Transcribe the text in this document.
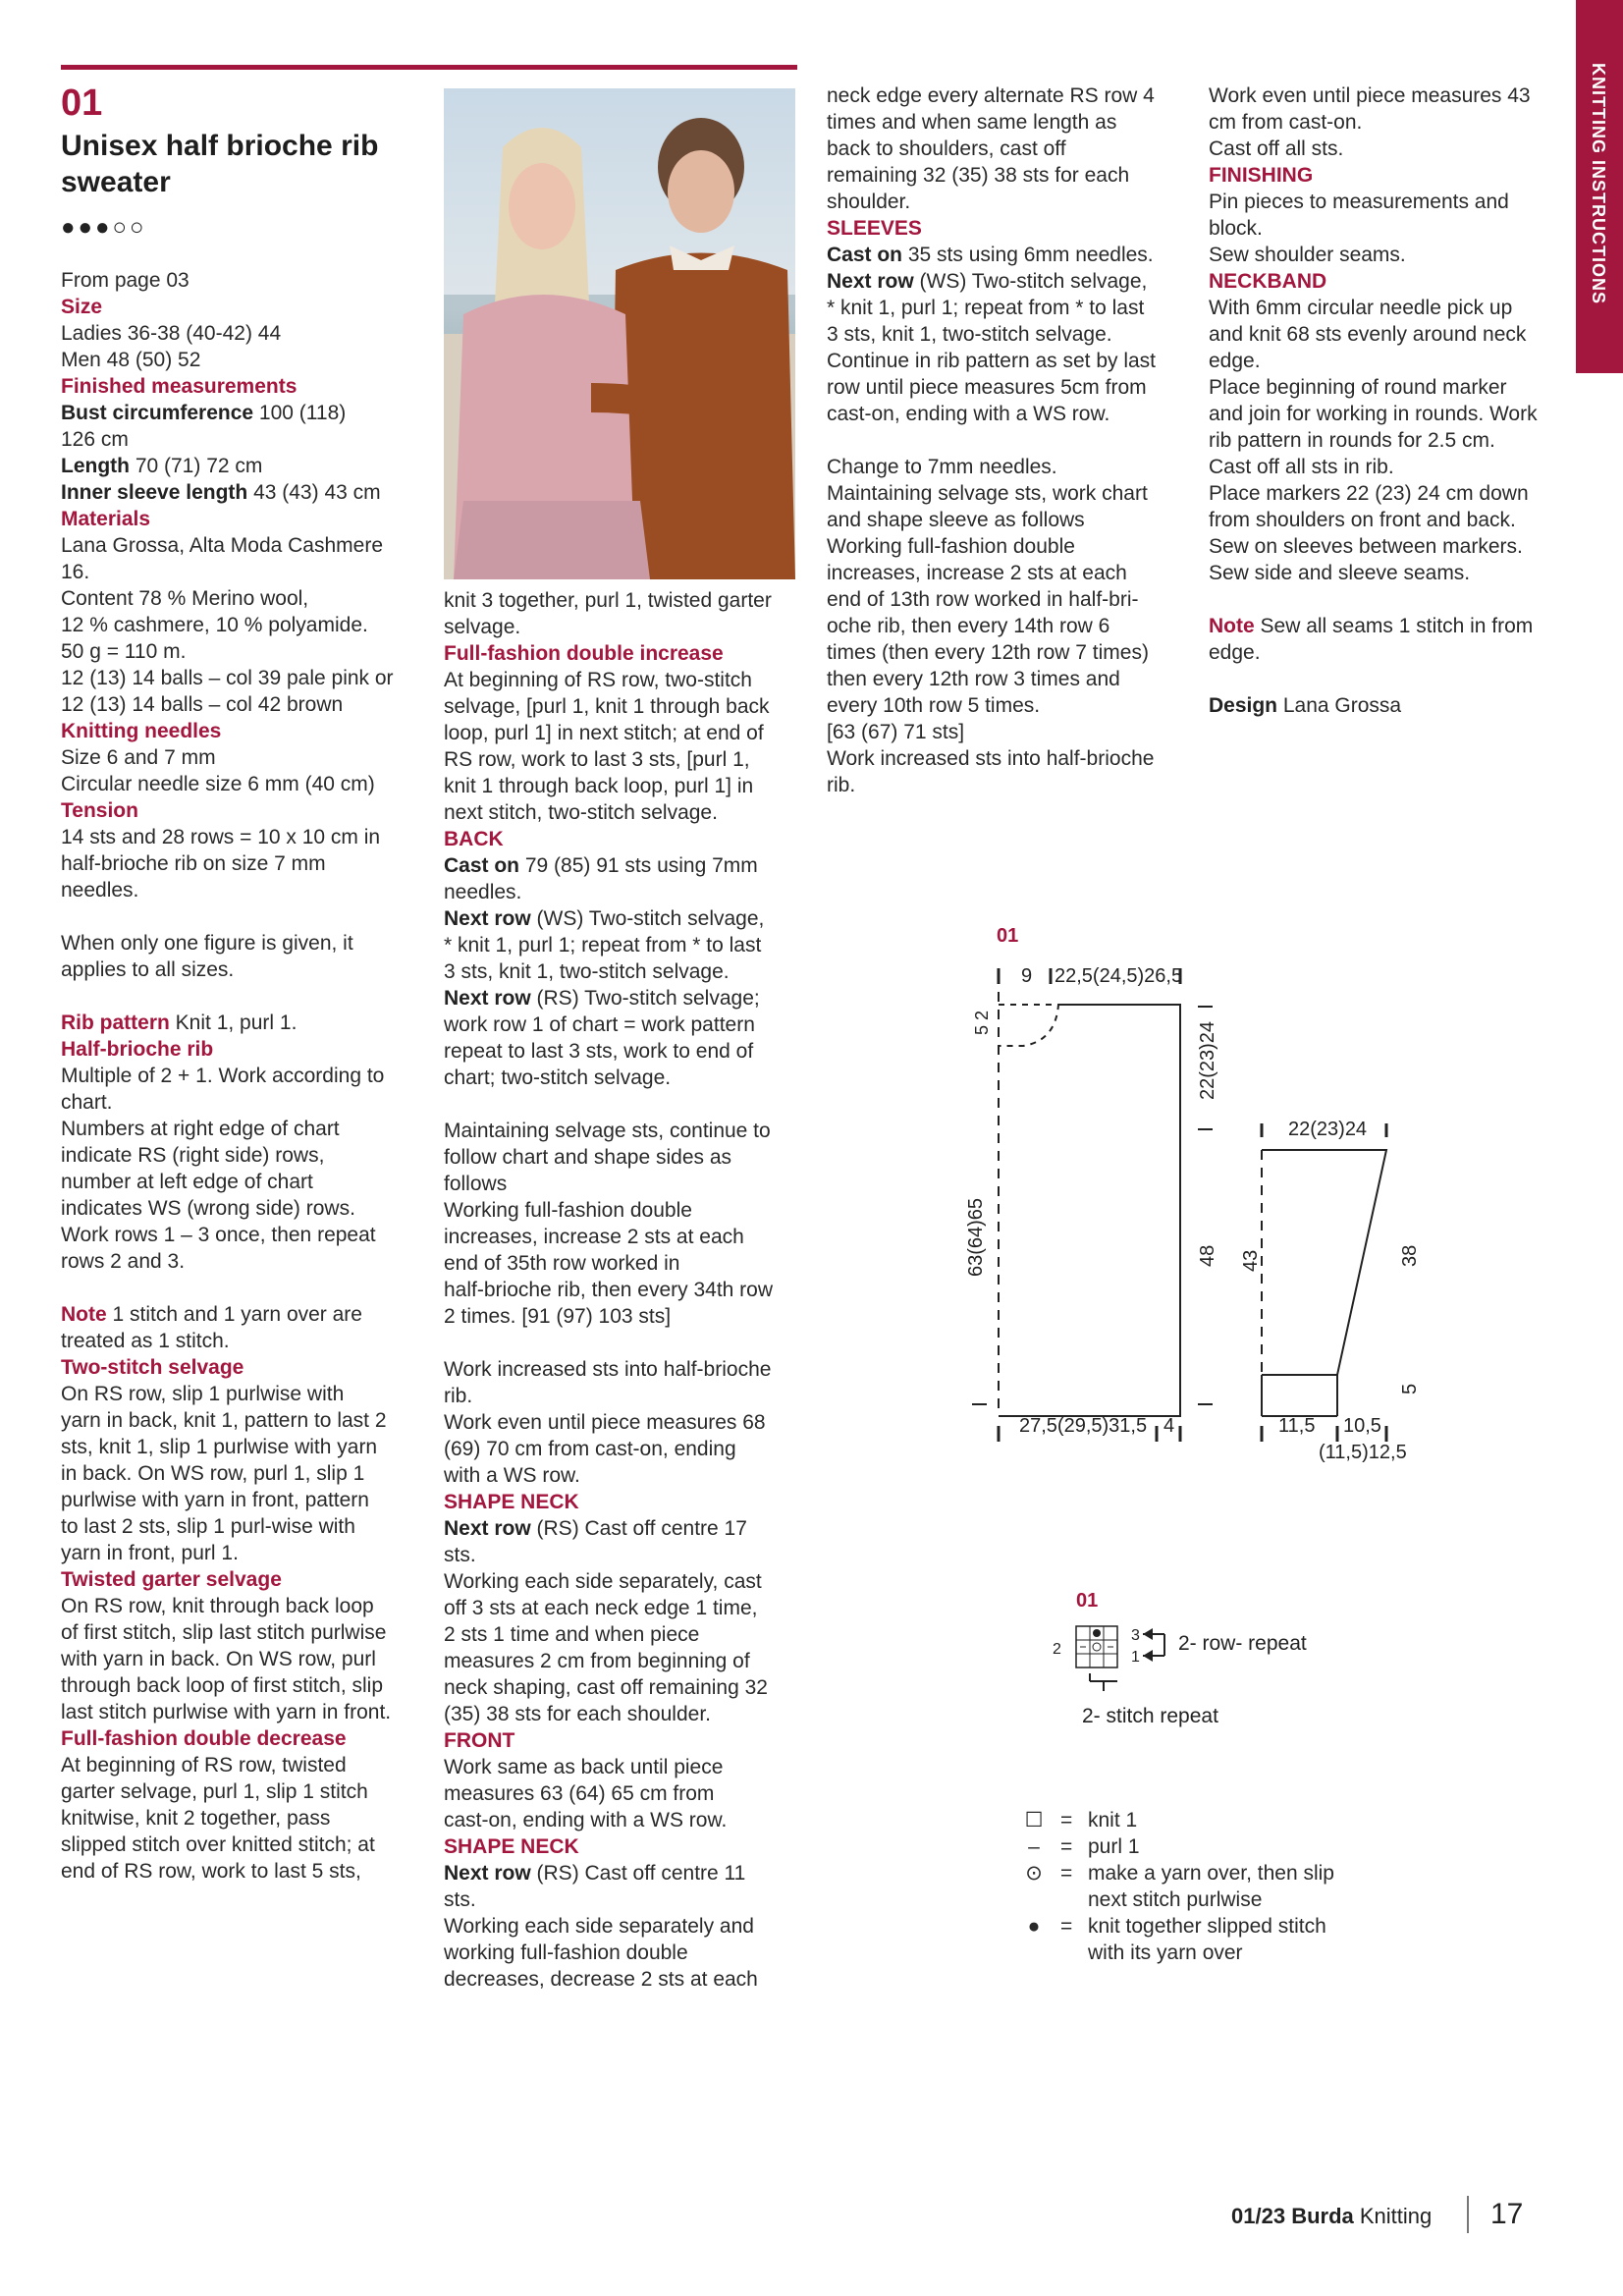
01
Unisex half brioche rib sweater
●●●○○	KNITTING INSTRUCTIONS

From page 03

Size

Ladies 36-38 (40-42) 44

Men 48 (50) 52

Finished measurements

Bust circumference 100 (118)

126 cm

Length 70 (71) 72 cm

Inner sleeve length 43 (43) 43 cm

Materials

Lana Grossa, Alta Moda Cashmere

16.

Content 78 % Merino wool,

12 % cashmere, 10 % polyamide.

50 g = 110 m.

12 (13) 14 balls – col 39 pale pink or

12 (13) 14 balls – col 42 brown

Knitting needles

Size 6 and 7 mm

Circular needle size 6 mm (40 cm)

Tension

14 sts and 28 rows = 10 x 10 cm in

half-brioche rib on size 7 mm

needles.

When only one figure is given, it

applies to all sizes.

Rib pattern Knit 1, purl 1.

Half-brioche rib

Multiple of 2 + 1. Work according to

chart.

Numbers at right edge of chart

indicate RS (right side) rows,

number at left edge of chart

indicates WS (wrong side) rows.

Work rows 1 – 3 once, then repeat

rows 2 and 3.

Note 1 stitch and 1 yarn over are

treated as 1 stitch.

Two-stitch selvage

On RS row, slip 1 purlwise with

yarn in back, knit 1, pattern to last 2

sts, knit 1, slip 1 purlwise with yarn

in back. On WS row, purl 1, slip 1

purlwise with yarn in front, pattern

to last 2 sts, slip 1 purl-wise with

yarn in front, purl 1.

Twisted garter selvage

On RS row, knit through back loop

of first stitch, slip last stitch purlwise

with yarn in back. On WS row, purl

through back loop of first stitch, slip

last stitch purlwise with yarn in front.

Full-fashion double decrease

At beginning of RS row, twisted

garter selvage, purl 1, slip 1 stitch

knitwise, knit 2 together, pass

slipped stitch over knitted stitch; at

end of RS row, work to last 5 sts,

knit 3 together, purl 1, twisted garter

selvage.

Full-fashion double increase

At beginning of RS row, two-stitch

selvage, [purl 1, knit 1 through back

loop, purl 1] in next stitch; at end of

RS row, work to last 3 sts, [purl 1,

knit 1 through back loop, purl 1] in

next stitch, two-stitch selvage.

BACK

Cast on 79 (85) 91 sts using 7mm

needles.

Next row (WS) Two-stitch selvage,

* knit 1, purl 1; repeat from * to last

3 sts, knit 1, two-stitch selvage.

Next row (RS) Two-stitch selvage;

work row 1 of chart = work pattern

repeat to last 3 sts, work to end of

chart; two-stitch selvage.

Maintaining selvage sts, continue to

follow chart and shape sides as

follows

Working full-fashion double

increases, increase 2 sts at each

end of 35th row worked in

half-brioche rib, then every 34th row

2 times. [91 (97) 103 sts]

Work increased sts into half-brioche

rib.

Work even until piece measures 68

(69) 70 cm from cast-on, ending

with a WS row.

SHAPE NECK

Next row (RS) Cast off centre 17

sts.

Working each side separately, cast

off 3 sts at each neck edge 1 time,

2 sts 1 time and when piece

measures 2 cm from beginning of

neck shaping, cast off remaining 32

(35) 38 sts for each shoulder.

FRONT

Work same as back until piece

measures 63 (64) 65 cm from

cast-on, ending with a WS row.

SHAPE NECK

Next row (RS) Cast off centre 11

sts.

Working each side separately and

working full-fashion double

decreases, decrease 2 sts at each

neck edge every alternate RS row 4

times and when same length as

back to shoulders, cast off

remaining 32 (35) 38 sts for each

shoulder.

SLEEVES

Cast on 35 sts using 6mm needles.

Next row (WS) Two-stitch selvage,

* knit 1, purl 1; repeat from * to last

3 sts, knit 1, two-stitch selvage.

Continue in rib pattern as set by last

row until piece measures 5cm from

cast-on, ending with a WS row.

Change to 7mm needles.

Maintaining selvage sts, work chart

and shape sleeve as follows

Working full-fashion double

increases, increase 2 sts at each

end of 13th row worked in half-bri-

oche rib, then every 14th row 6

times (then every 12th row 7 times)

then every 12th row 3 times and

every 10th row 5 times.

[63 (67) 71 sts]

Work increased sts into half-brioche

rib.

Work even until piece measures 43

cm from cast-on.

Cast off all sts.

FINISHING

Pin pieces to measurements and

block.

Sew shoulder seams.

NECKBAND

With 6mm circular needle pick up

and knit 68 sts evenly around neck

edge.

Place beginning of round marker

and join for working in rounds. Work

rib pattern in rounds for 2.5 cm.

Cast off all sts in rib.

Place markers 22 (23) 24 cm down

from shoulders on front and back.

Sew on sleeves between markers.

Sew side and sleeve seams.

Note Sew all seams 1 stitch in from

edge.

Design Lana Grossa

01
9 22,5(24,5)26,5
5 2
63(64)65
22(23)24
48
27,5(29,5)31,5 4
22(23)24
43	38
5
11,5 10,5
(11,5)12,5
01
2
3
1
2- row- repeat
2- stitch repeat
☐ = knit 1
– = purl 1
⊙ = make a yarn over, then slip
next stitch purlwise
● = knit together slipped stitch
with its yarn over
01/23 Burda Knitting 17
